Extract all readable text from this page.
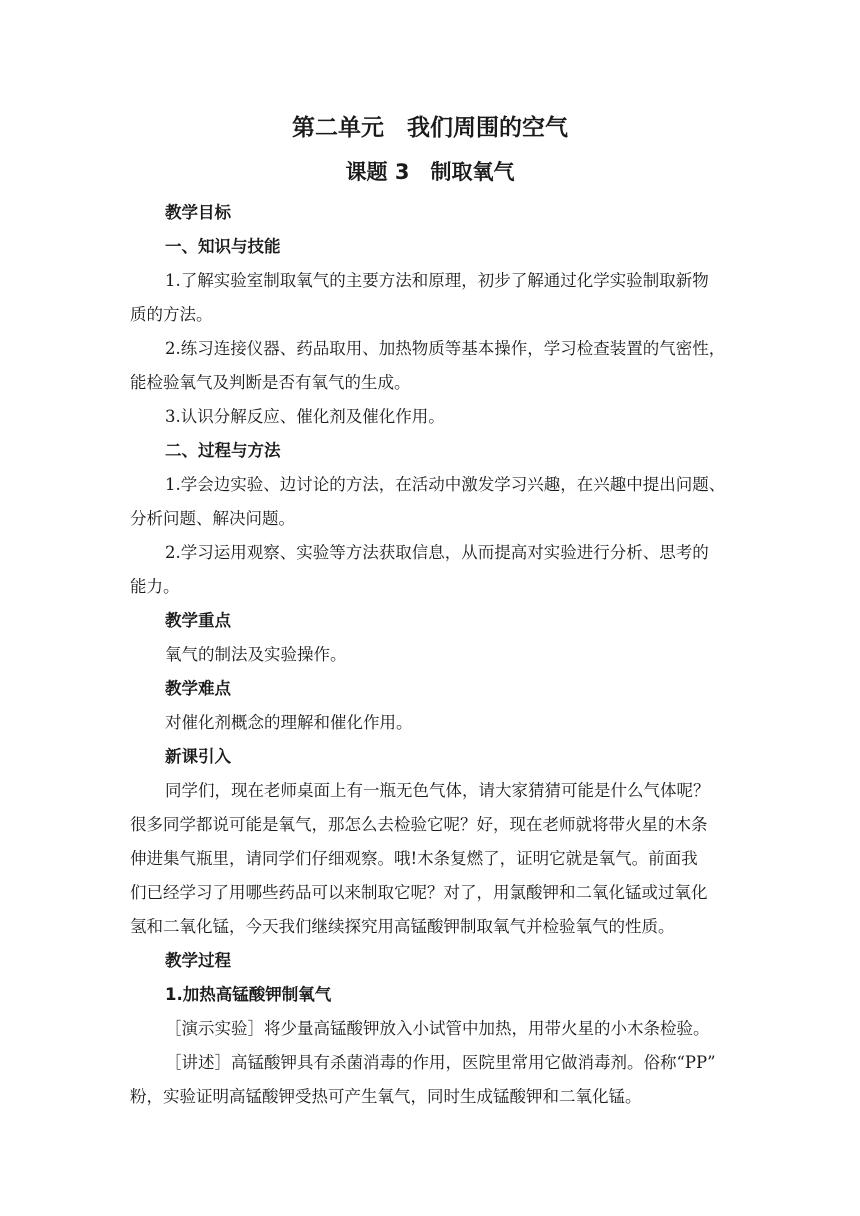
第二单元　我们周围的空气
课题 3　制取氧气
教学目标
一、知识与技能
1.了解实验室制取氧气的主要方法和原理，初步了解通过化学实验制取新物
质的方法。
2.练习连接仪器、药品取用、加热物质等基本操作，学习检查装置的气密性，
能检验氧气及判断是否有氧气的生成。
3.认识分解反应、催化剂及催化作用。
二、过程与方法
1.学会边实验、边讨论的方法，在活动中激发学习兴趣，在兴趣中提出问题、
分析问题、解决问题。
2.学习运用观察、实验等方法获取信息，从而提高对实验进行分析、思考的
能力。
教学重点
氧气的制法及实验操作。
教学难点
对催化剂概念的理解和催化作用。
新课引入
同学们，现在老师桌面上有一瓶无色气体，请大家猜猜可能是什么气体呢？
很多同学都说可能是氧气，那怎么去检验它呢？好，现在老师就将带火星的木条
伸进集气瓶里，请同学们仔细观察。哦!木条复燃了，证明它就是氧气。前面我
们已经学习了用哪些药品可以来制取它呢？对了，用氯酸钾和二氧化锰或过氧化
氢和二氧化锰，今天我们继续探究用高锰酸钾制取氧气并检验氧气的性质。
教学过程
1.加热高锰酸钾制氧气
［演示实验］将少量高锰酸钾放入小试管中加热，用带火星的小木条检验。
［讲述］高锰酸钾具有杀菌消毒的作用，医院里常用它做消毒剂。俗称“PP”
粉，实验证明高锰酸钾受热可产生氧气，同时生成锰酸钾和二氧化锰。
